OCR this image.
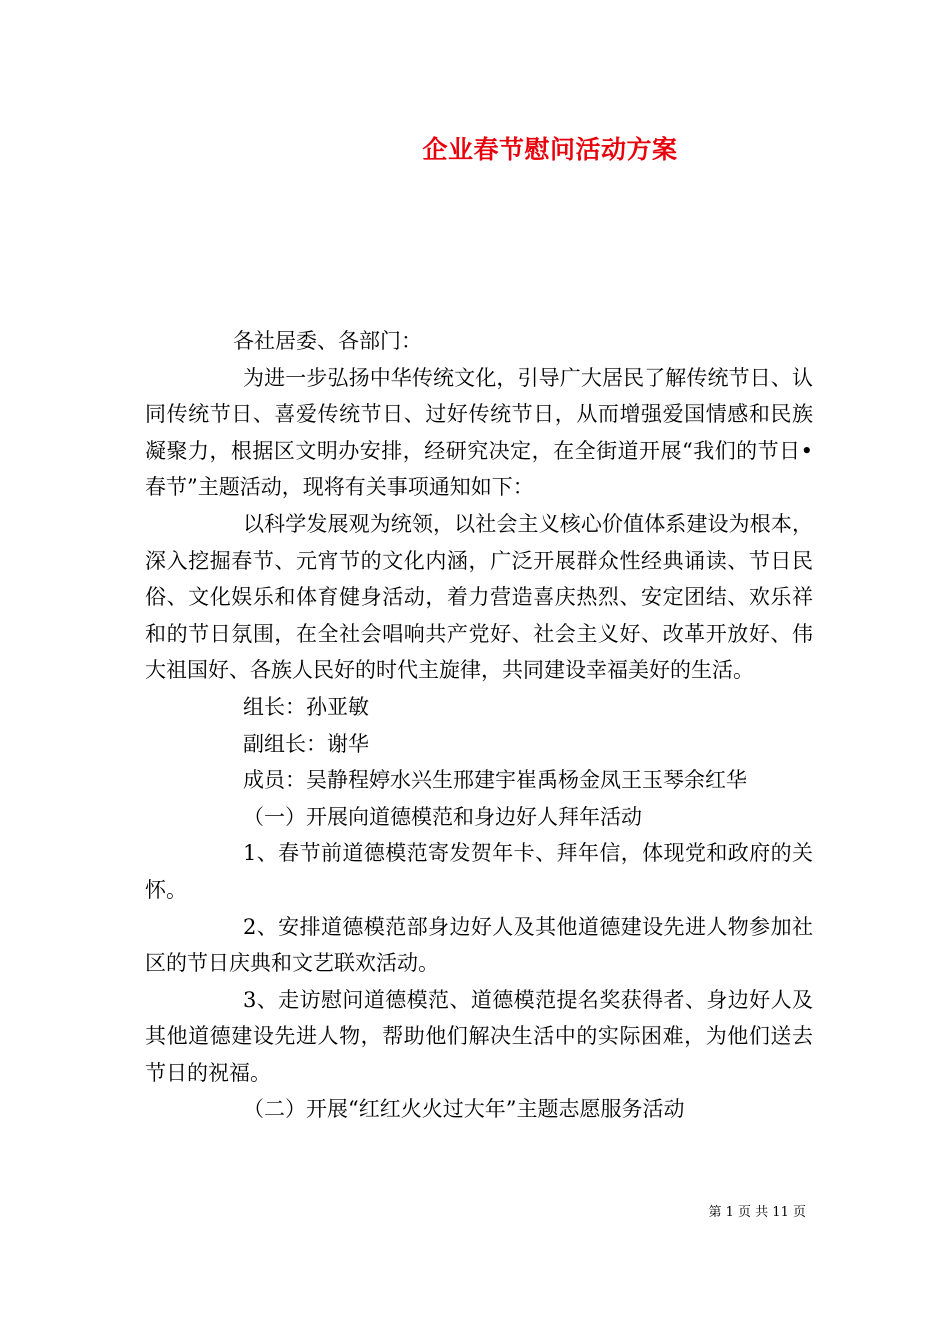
企业春节慰问活动方案

各社居委、各部门：

为进一步弘扬中华传统文化，引导广大居民了解传统节日、认同传统节日、喜爱传统节日、过好传统节日，从而增强爱国情感和民族凝聚力，根据区文明办安排，经研究决定，在全街道开展“我们的节日•春节”主题活动，现将有关事项通知如下：

以科学发展观为统领，以社会主义核心价值体系建设为根本，深入挖掘春节、元宵节的文化内涵，广泛开展群众性经典诵读、节日民俗、文化娱乐和体育健身活动，着力营造喜庆热烈、安定团结、欢乐祥和的节日氛围，在全社会唱响共产党好、社会主义好、改革开放好、伟大祖国好、各族人民好的时代主旋律，共同建设幸福美好的生活。

组长：孙亚敏

副组长：谢华

成员：吴静程婷水兴生邢建宇崔禹杨金凤王玉琴余红华

（一）开展向道德模范和身边好人拜年活动

1、春节前道德模范寄发贺年卡、拜年信，体现党和政府的关怀。

2、安排道德模范部身边好人及其他道德建设先进人物参加社区的节日庆典和文艺联欢活动。

3、走访慰问道德模范、道德模范提名奖获得者、身边好人及其他道德建设先进人物，帮助他们解决生活中的实际困难，为他们送去节日的祝福。

（二）开展“红红火火过大年”主题志愿服务活动

第 1 页 共 11 页
